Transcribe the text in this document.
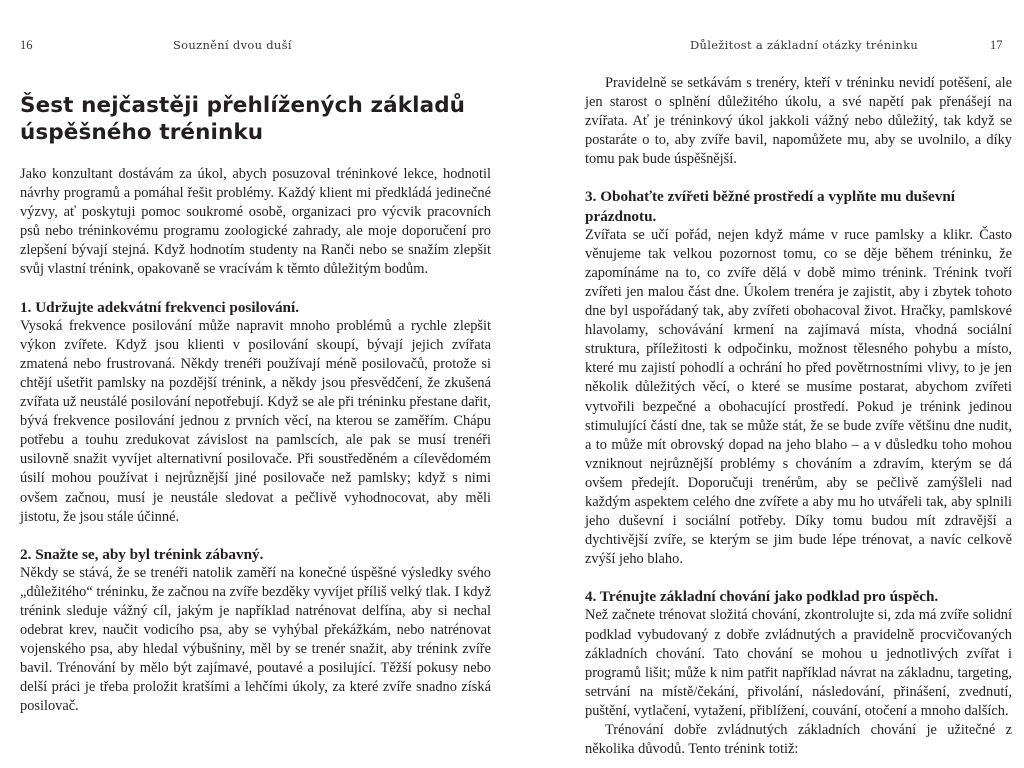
16	Souznění dvou duší
Šest nejčastěji přehlížených základů
úspěšného tréninku

Jako konzultant dostávám za úkol, abych posuzoval tréninkové lekce, hodnotil návrhy programů a pomáhal řešit problémy. Každý klient mi předkládá jedinečné výzvy, ať poskytuji pomoc soukromé osobě, organizaci pro výcvik pracovních psů nebo tréninkovému programu zoologické zahrady, ale moje doporučení pro zlepšení bývají stejná. Když hodnotím studenty na Ranči nebo se snažím zlepšit svůj vlastní trénink, opakovaně se vracívám k těmto důležitým bodům.

1. Udržujte adekvátní frekvenci posilování.

Vysoká frekvence posilování může napravit mnoho problémů a rychle zlepšit výkon zvířete. Když jsou klienti v posilování skoupí, bývají jejich zvířata zmatená nebo frustrovaná. Někdy trenéři používají méně posilovačů, protože si chtějí ušetřit pamlsky na pozdější trénink, a někdy jsou přesvědčení, že zkušená zvířata už neustálé posilování nepotřebují. Když se ale při tréninku přestane dařit, bývá frekvence posilování jednou z prvních věcí, na kterou se zaměřím. Chápu potřebu a touhu zredukovat závislost na pamlscích, ale pak se musí trenéři usilovně snažit vyvíjet alternativní posilovače. Při soustředěném a cílevědomém úsilí mohou používat i nejrůznější jiné posilovače než pamlsky; když s nimi ovšem začnou, musí je neustále sledovat a pečlivě vyhodnocovat, aby měli jistotu, že jsou stále účinné.

2. Snažte se, aby byl trénink zábavný.

Někdy se stává, že se trenéři natolik zaměří na konečné úspěšné výsledky svého „důležitého“ tréninku, že začnou na zvíře bezděky vyvíjet příliš velký tlak. I když trénink sleduje vážný cíl, jakým je například natrénovat delfína, aby si nechal odebrat krev, naučit vodicího psa, aby se vyhýbal překážkám, nebo natrénovat vojenského psa, aby hledal výbušniny, měl by se trenér snažit, aby trénink zvíře bavil. Trénování by mělo být zajímavé, poutavé a posilující. Těžší pokusy nebo delší práci je třeba proložit kratšími a lehčími úkoly, za které zvíře snadno získá posilovač.

Důležitost a základní otázky tréninku	17

Pravidelně se setkávám s trenéry, kteří v tréninku nevidí potěšení, ale jen starost o splnění důležitého úkolu, a své napětí pak přenášejí na zvířata. Ať je tréninkový úkol jakkoli vážný nebo důležitý, tak když se postaráte o to, aby zvíře bavil, napomůžete mu, aby se uvolnilo, a díky tomu pak bude úspěšnější.

3. Obohaťte zvířeti běžné prostředí a vyplňte mu duševní prázdnotu.

Zvířata se učí pořád, nejen když máme v ruce pamlsky a klikr. Často věnujeme tak velkou pozornost tomu, co se děje během tréninku, že zapomínáme na to, co zvíře dělá v době mimo trénink. Trénink tvoří zvířeti jen malou část dne. Úkolem trenéra je zajistit, aby i zbytek tohoto dne byl uspořádaný tak, aby zvířeti obohacoval život. Hračky, pamlskové hlavolamy, schovávání krmení na zajímavá místa, vhodná sociální struktura, příležitosti k odpočinku, možnost tělesného pohybu a místo, které mu zajistí pohodlí a ochrání ho před povětrnostními vlivy, to je jen několik důležitých věcí, o které se musíme postarat, abychom zvířeti vytvořili bezpečné a obohacující prostředí. Pokud je trénink jedinou stimulující částí dne, tak se může stát, že se bude zvíře většinu dne nudit, a to může mít obrovský dopad na jeho blaho – a v důsledku toho mohou vzniknout nejrůznější problémy s chováním a zdravím, kterým se dá ovšem předejít. Doporučuji trenérům, aby se pečlivě zamýšleli nad každým aspektem celého dne zvířete a aby mu ho utvářeli tak, aby splnili jeho duševní i sociální potřeby. Díky tomu budou mít zdravější a dychtivější zvíře, se kterým se jim bude lépe trénovat, a navíc celkově zvýší jeho blaho.

4. Trénujte základní chování jako podklad pro úspěch.

Než začnete trénovat složitá chování, zkontrolujte si, zda má zvíře solidní podklad vybudovaný z dobře zvládnutých a pravidelně procvičovaných základních chování. Tato chování se mohou u jednotlivých zvířat i programů lišit; může k nim patřit například návrat na základnu, targeting, setrvání na místě/čekání, přivolání, následování, přinášení, zvednutí, puštění, vytlačení, vytažení, přiblížení, couvání, otočení a mnoho dalších.

Trénování dobře zvládnutých základních chování je užitečné z několika důvodů. Tento trénink totiž:
